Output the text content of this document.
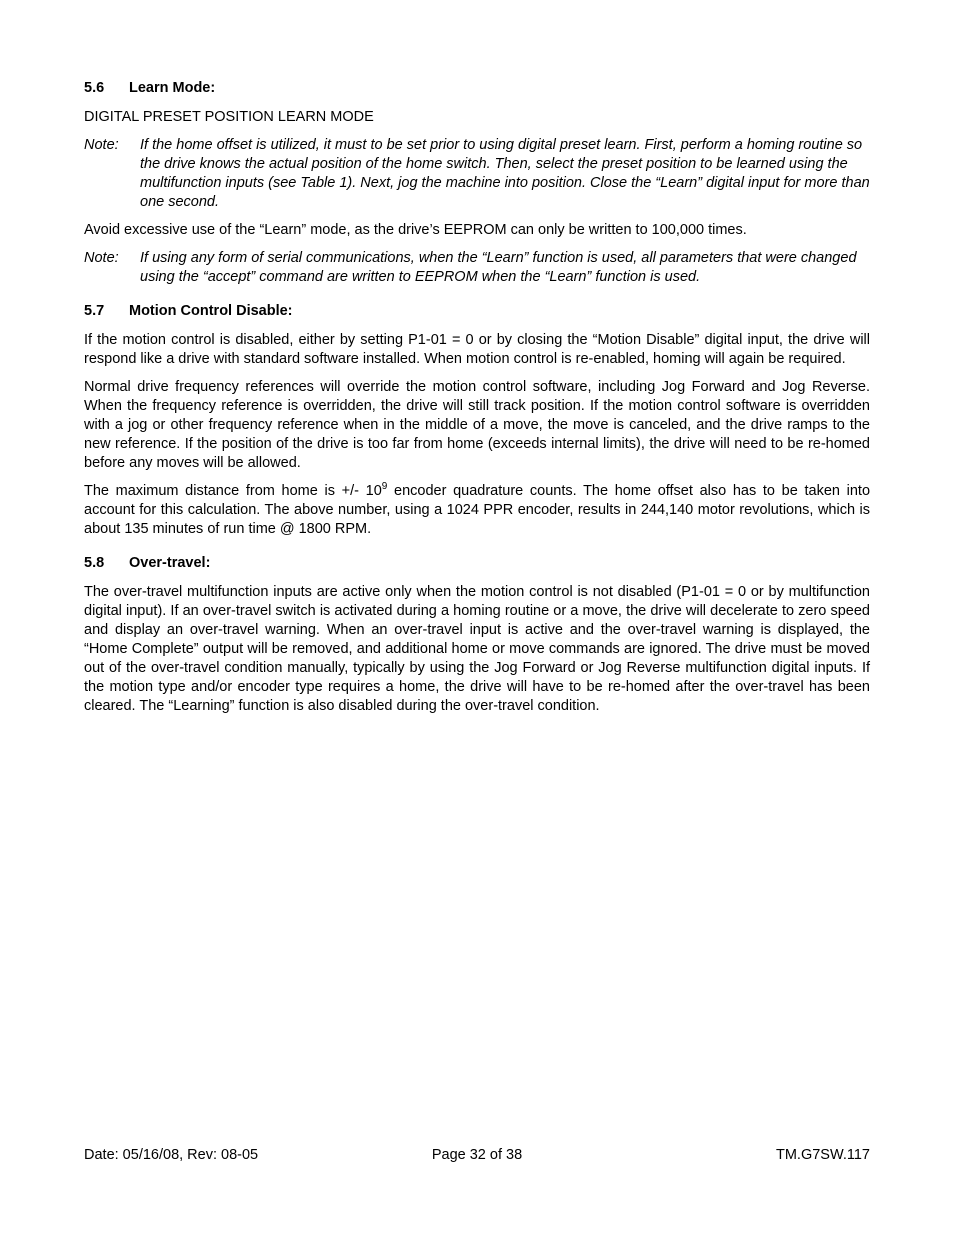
5.6	Learn Mode:

DIGITAL PRESET POSITION LEARN MODE

Note:	If the home offset is utilized, it must to be set prior to using digital preset learn. First, perform a homing routine so the drive knows the actual position of the home switch. Then, select the preset position to be learned using the multifunction inputs (see Table 1). Next, jog the machine into position. Close the “Learn” digital input for more than one second.

Avoid excessive use of the “Learn” mode, as the drive’s EEPROM can only be written to 100,000 times.

Note:	If using any form of serial communications, when the “Learn” function is used, all parameters that were changed using the “accept” command are written to EEPROM when the “Learn” function is used.
5.7	Motion Control Disable:

If the motion control is disabled, either by setting P1-01 = 0 or by closing the “Motion Disable” digital input, the drive will respond like a drive with standard software installed. When motion control is re-enabled, homing will again be required.

Normal drive frequency references will override the motion control software, including Jog Forward and Jog Reverse. When the frequency reference is overridden, the drive will still track position. If the motion control software is overridden with a jog or other frequency reference when in the middle of a move, the move is canceled, and the drive ramps to the new reference. If the position of the drive is too far from home (exceeds internal limits), the drive will need to be re-homed before any moves will be allowed.

The maximum distance from home is +/- $10^9$ encoder quadrature counts. The home offset also has to be taken into account for this calculation. The above number, using a 1024 PPR encoder, results in 244,140 motor revolutions, which is about 135 minutes of run time @ 1800 RPM.

5.8	Over-travel:

The over-travel multifunction inputs are active only when the motion control is not disabled (P1-01 = 0 or by multifunction digital input). If an over-travel switch is activated during a homing routine or a move, the drive will decelerate to zero speed and display an over-travel warning. When an over-travel input is active and the over-travel warning is displayed, the “Home Complete” output will be removed, and additional home or move commands are ignored. The drive must be moved out of the over-travel condition manually, typically by using the Jog Forward or Jog Reverse multifunction digital inputs. If the motion type and/or encoder type requires a home, the drive will have to be re-homed after the over-travel has been cleared. The “Learning” function is also disabled during the over-travel condition.

Date: 05/16/08, Rev: 08-05	Page 32 of 38	TM.G7SW.117
